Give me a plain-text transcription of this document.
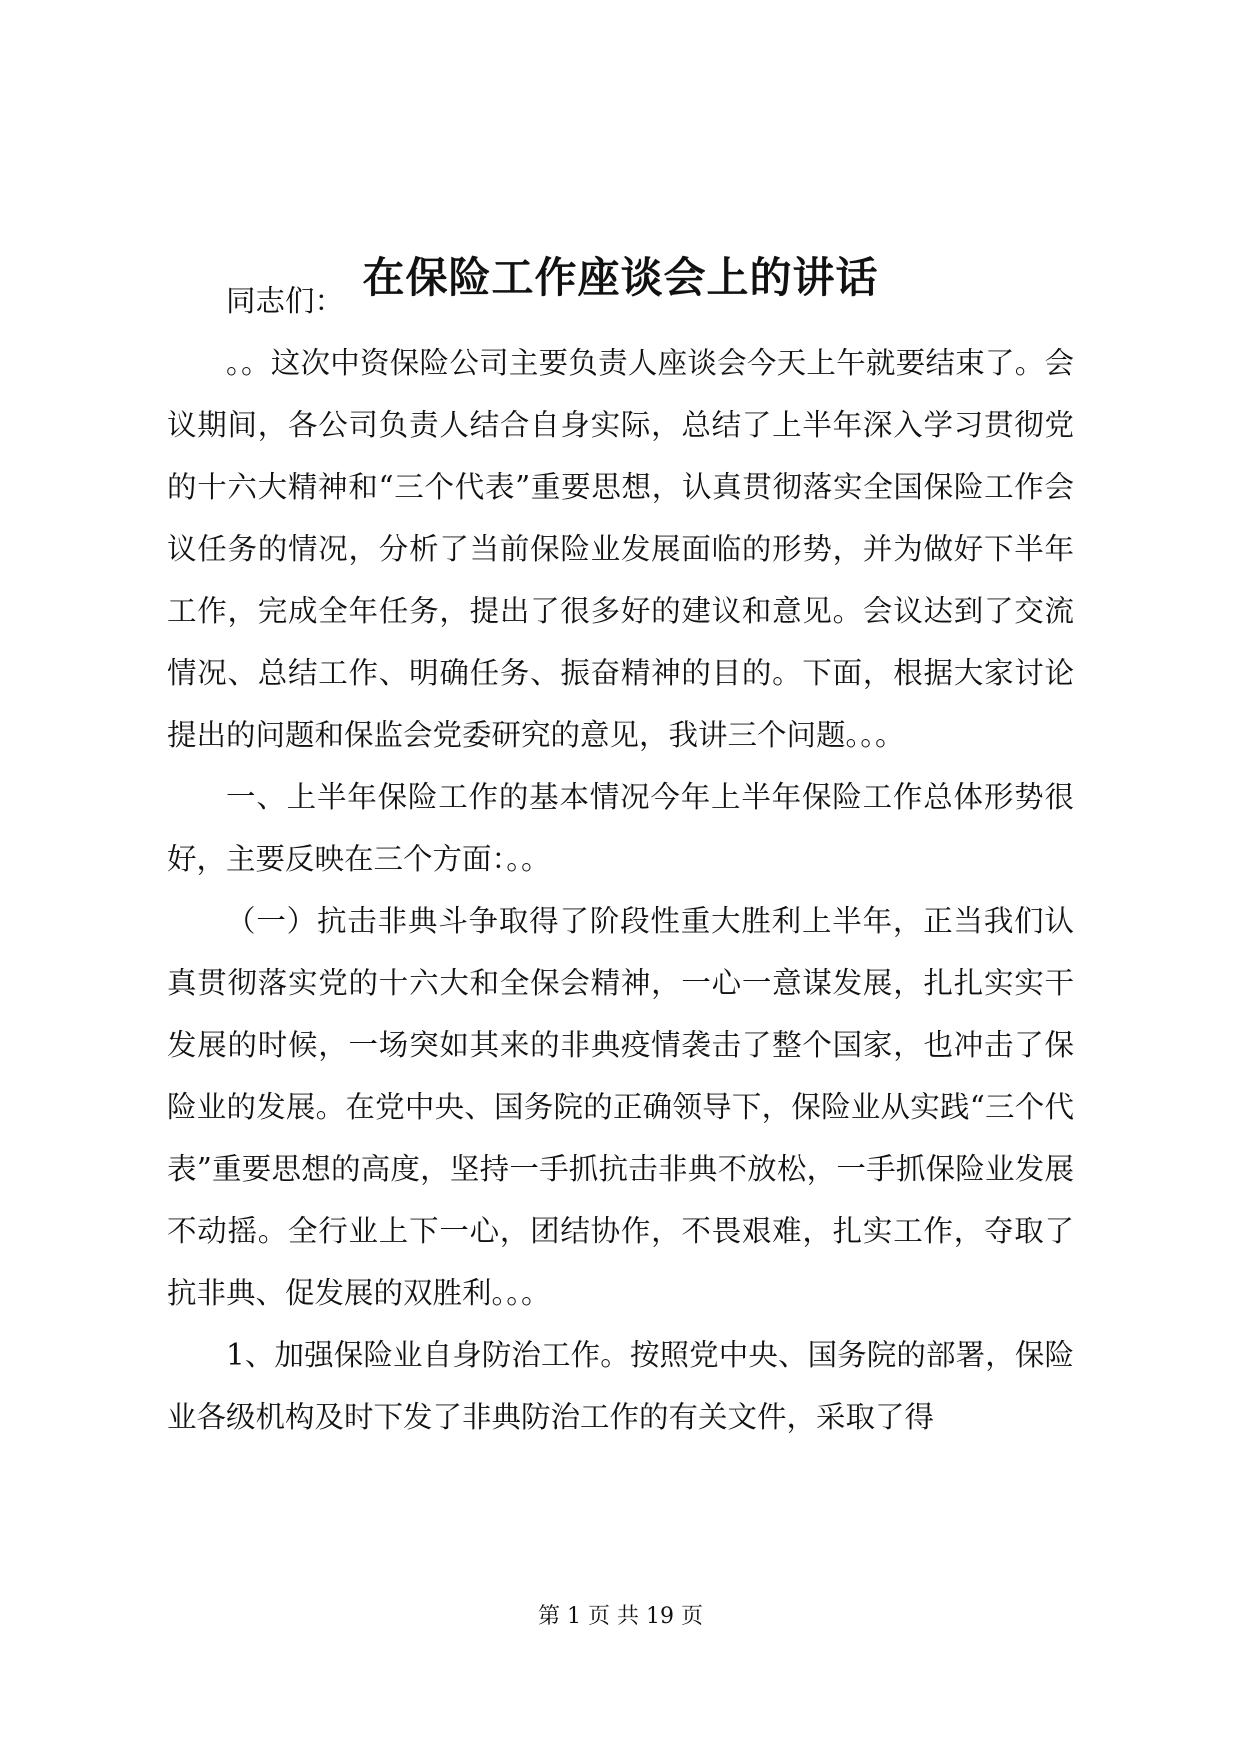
在保险工作座谈会上的讲话

同志们：

。。这次中资保险公司主要负责人座谈会今天上午就要结束了。会议期间，各公司负责人结合自身实际，总结了上半年深入学习贯彻党的十六大精神和“三个代表”重要思想，认真贯彻落实全国保险工作会议任务的情况，分析了当前保险业发展面临的形势，并为做好下半年工作，完成全年任务，提出了很多好的建议和意见。会议达到了交流情况、总结工作、明确任务、振奋精神的目的。下面，根据大家讨论提出的问题和保监会党委研究的意见，我讲三个问题。。。

一、上半年保险工作的基本情况今年上半年保险工作总体形势很好，主要反映在三个方面：。。

（一）抗击非典斗争取得了阶段性重大胜利上半年，正当我们认真贯彻落实党的十六大和全保会精神，一心一意谋发展，扎扎实实干发展的时候，一场突如其来的非典疫情袭击了整个国家，也冲击了保险业的发展。在党中央、国务院的正确领导下，保险业从实践“三个代表”重要思想的高度，坚持一手抓抗击非典不放松，一手抓保险业发展不动摇。全行业上下一心，团结协作，不畏艰难，扎实工作，夺取了抗非典、促发展的双胜利。。。

1、加强保险业自身防治工作。按照党中央、国务院的部署，保险业各级机构及时下发了非典防治工作的有关文件，采取了得

第 1 页 共 19 页
